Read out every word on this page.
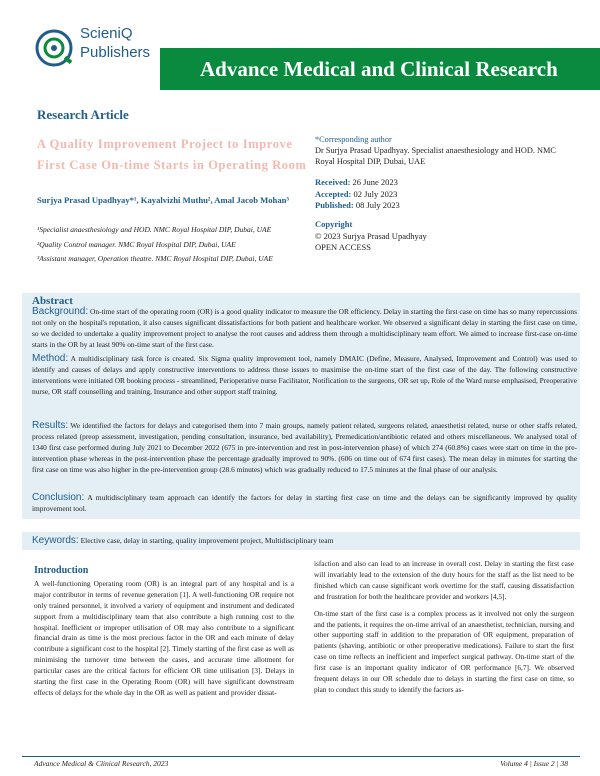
ScieniQ
Publishers
Advance Medical and Clinical Research
Research Article
A Quality Improvement Project to Improve
First Case On-time Starts in Operating Room
Surjya Prasad Upadhyay*¹, Kayalvizhi Muthu², Amal Jacob Mohan³

¹Specialist anaesthesiology and HOD. NMC Royal Hospital DIP, Dubai, UAE

²Quality Control manager. NMC Royal Hospital DIP, Dubai, UAE

³Assistant manager, Operation theatre. NMC Royal Hospital DIP, Dubai, UAE

*Corresponding author
Dr Surjya Prasad Upadhyay. Specialist anaesthesiology and HOD. NMC Royal Hospital DIP, Dubai, UAE
Received: 26 June 2023
Accepted: 02 July 2023
Published: 08 July 2023
Copyright
© 2023 Surjya Prasad Upadhyay
OPEN ACCESS
Abstract
Background: On-time start of the operating room (OR) is a good quality indicator to measure the OR efficiency. Delay in starting the first case on time has so many repercussions not only on the hospital's reputation, it also causes significant dissatisfactions for both patient and healthcare worker. We observed a significant delay in starting the first case on time, so we decided to undertake a quality improvement project to analyse the root causes and address them through a multidisciplinary team effort. We aimed to increase first-case on-time starts in the OR by at least 90% on-time start of the first case.
Method: A multidisciplinary task force is created. Six Sigma quality improvement tool, namely DMAIC (Define, Measure, Analysed, Improvement and Control) was used to identify and causes of delays and apply constructive interventions to address those issues to maximise the on-time start of the first case of the day. The following constructive interventions were initiated OR booking process - streamlined, Perioperative nurse Facilitator, Notification to the surgeons, OR set up, Role of the Ward nurse emphasised, Preoperative nurse, OR staff counselling and training, Insurance and other support staff training.
Results: We identified the factors for delays and categorised them into 7 main groups, namely patient related, surgeons related, anaesthetist related, nurse or other staffs related, process related (preop assessment, investigation, pending consultation, insurance, bed availability), Premedication/antibiotic related and others miscellaneous. We analysed total of 1340 first case performed during July 2021 to December 2022 (675 in pre-intervention and rest in post-intervention phase) of which 274 (60.8%) cases were start on time in the pre-intervention phase whereas in the post-intervention phase the percentage gradually improved to 90%. (606 on time out of 674 first cases). The mean delay in minutes for starting the first case on time was also higher in the pre-intervention group (28.6 minutes) which was gradually reduced to 17.5 minutes at the final phase of our analysis.
Conclusion: A multidisciplinary team approach can identify the factors for delay in starting first case on time and the delays can be significantly improved by quality improvement tool.
Keywords: Elective case, delay in starting, quality improvement project, Multidisciplinary team
Introduction

A well-functioning Operating room (OR) is an integral part of any hospital and is a major contributor in terms of revenue generation [1]. A well-functioning OR require not only trained personnel, it involved a variety of equipment and instrument and dedicated support from a multidisciplinary team that also contribute a high running cost to the hospital. Inefficient or improper utilisation of OR may also contribute to a significant financial drain as time is the most precious factor in the OR and each minute of delay contribute a significant cost to the hospital [2]. Timely starting of the first case as well as minimising the turnover time between the cases, and accurate time allotment for particular cases are the critical factors for efficient OR time utilisation [3]. Delays in starting the first case in the Operating Room (OR) will have significant downstream effects of delays for the whole day in the OR as well as patient and provider dissat-

isfaction and also can lead to an increase in overall cost. Delay in starting the first case will invariably lead to the extension of the duty hours for the staff as the list need to be finished which can cause significant work overtime for the staff, causing dissatisfaction and frustration for both the healthcare provider and workers [4,5].

On-time start of the first case is a complex process as it involved not only the surgeon and the patients, it requires the on-time arrival of an anaesthetist, technician, nursing and other supporting staff in addition to the preparation of OR equipment, preparation of patients (shaving, antibiotic or other preoperative medications). Failure to start the first case on time reflects an inefficient and imperfect surgical pathway. On-time start of the first case is an important quality indicator of OR performance [6,7]. We observed frequent delays in our OR schedule due to delays in starting the first case on time, so plan to conduct this study to identify the factors as-

Advance Medical & Clinical Research, 2023	Volume 4 | Issue 2 | 38
